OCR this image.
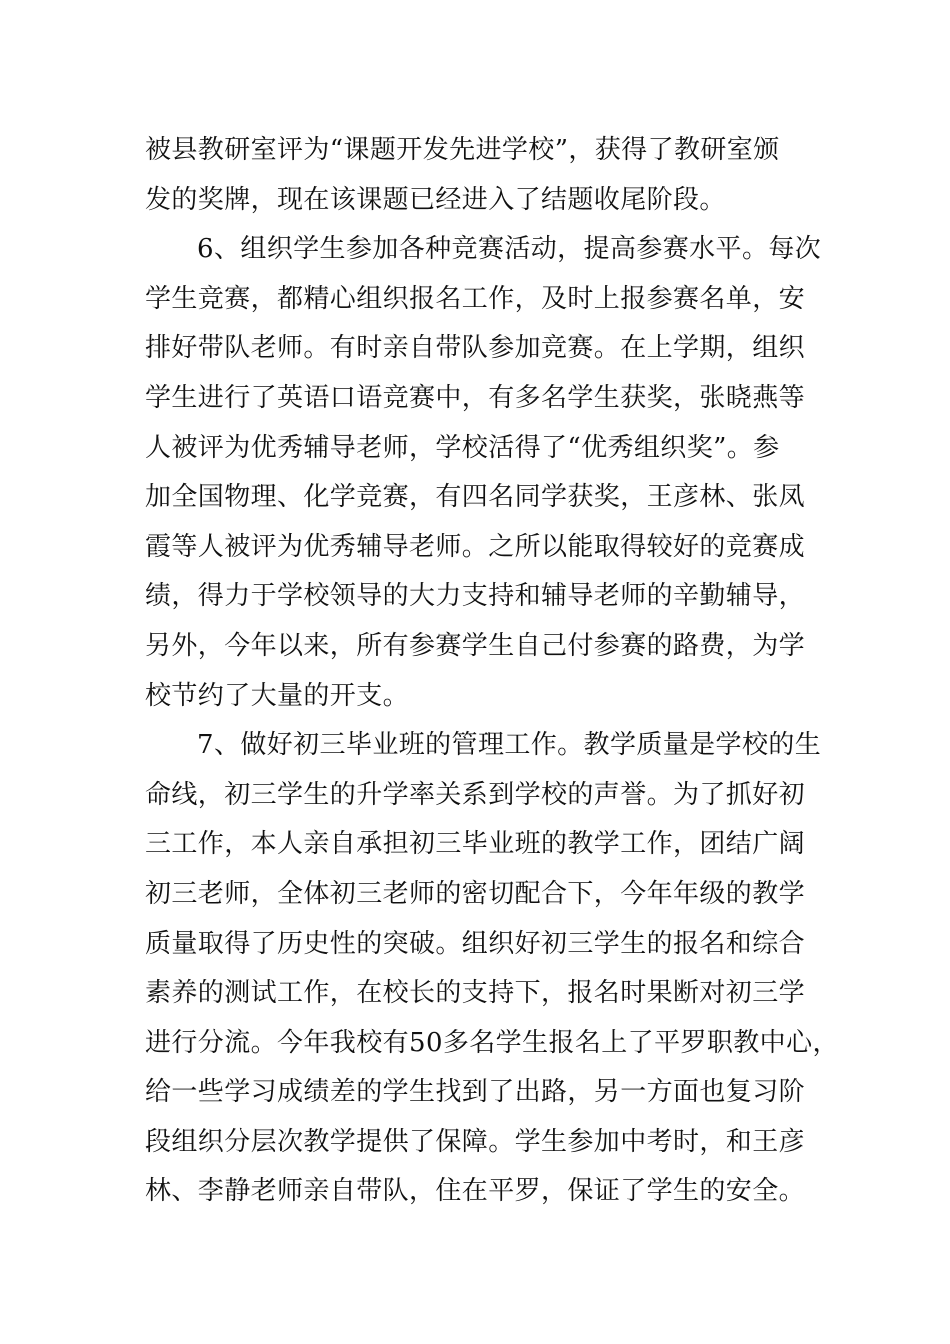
被县教研室评为“课题开发先进学校”，获得了教研室颁
发的奖牌，现在该课题已经进入了结题收尾阶段。
6、组织学生参加各种竞赛活动，提高参赛水平。每次
学生竞赛，都精心组织报名工作，及时上报参赛名单，安
排好带队老师。有时亲自带队参加竞赛。在上学期，组织
学生进行了英语口语竞赛中，有多名学生获奖，张晓燕等
人被评为优秀辅导老师，学校活得了“优秀组织奖”。参
加全国物理、化学竞赛，有四名同学获奖，王彦林、张凤
霞等人被评为优秀辅导老师。之所以能取得较好的竞赛成
绩，得力于学校领导的大力支持和辅导老师的辛勤辅导，
另外，今年以来，所有参赛学生自己付参赛的路费，为学
校节约了大量的开支。
7、做好初三毕业班的管理工作。教学质量是学校的生
命线，初三学生的升学率关系到学校的声誉。为了抓好初
三工作，本人亲自承担初三毕业班的教学工作，团结广阔
初三老师，全体初三老师的密切配合下，今年年级的教学
质量取得了历史性的突破。组织好初三学生的报名和综合
素养的测试工作，在校长的支持下，报名时果断对初三学
进行分流。今年我校有50多名学生报名上了平罗职教中心，
给一些学习成绩差的学生找到了出路，另一方面也复习阶
段组织分层次教学提供了保障。学生参加中考时，和王彦
林、李静老师亲自带队，住在平罗，保证了学生的安全。
